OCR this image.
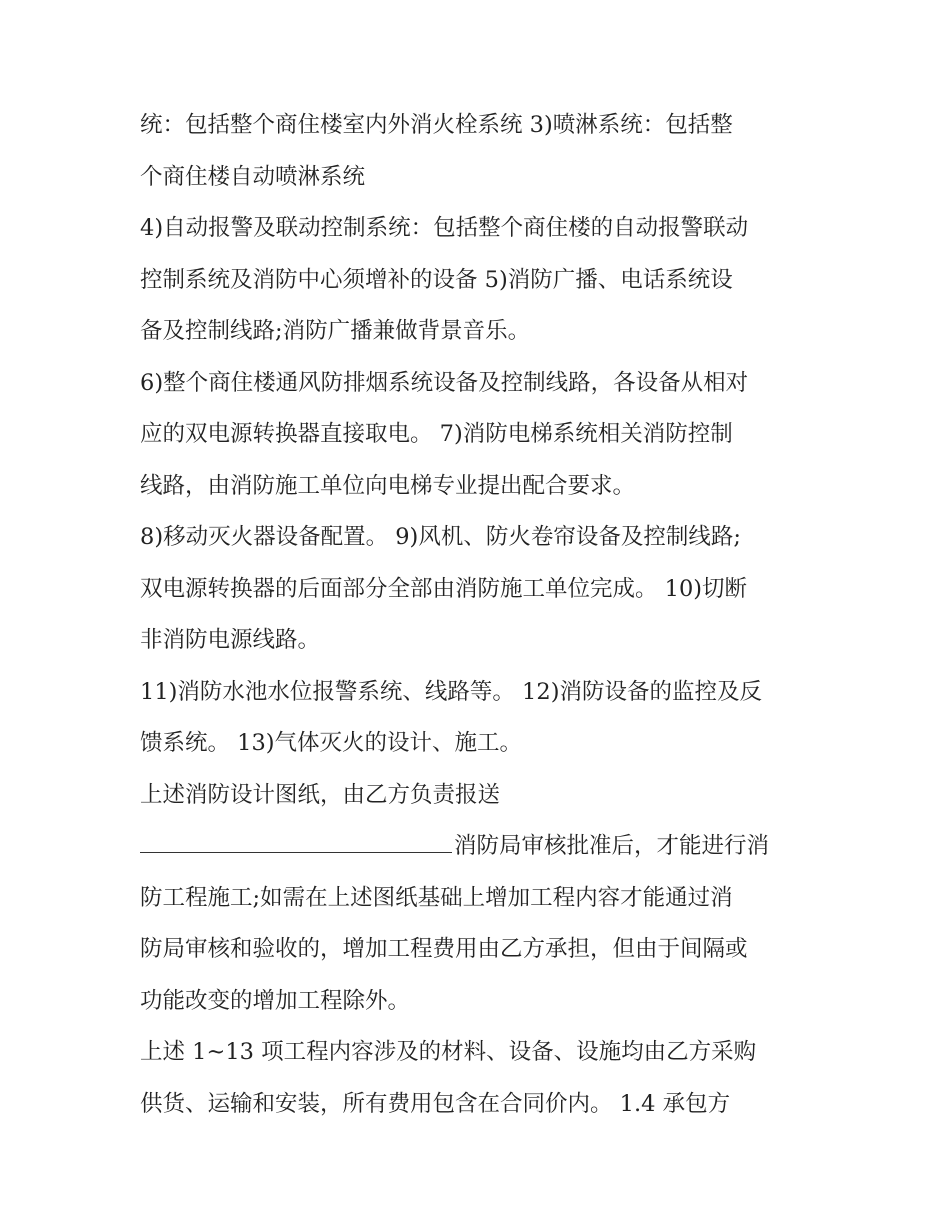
统：包括整个商住楼室内外消火栓系统 3)喷淋系统：包括整
个商住楼自动喷淋系统

4)自动报警及联动控制系统：包括整个商住楼的自动报警联动
控制系统及消防中心须增补的设备 5)消防广播、电话系统设
备及控制线路;消防广播兼做背景音乐。

6)整个商住楼通风防排烟系统设备及控制线路，各设备从相对
应的双电源转换器直接取电。 7)消防电梯系统相关消防控制
线路，由消防施工单位向电梯专业提出配合要求。

8)移动灭火器设备配置。 9)风机、防火卷帘设备及控制线路;
双电源转换器的后面部分全部由消防施工单位完成。 10)切断
非消防电源线路。

11)消防水池水位报警系统、线路等。 12)消防设备的监控及反
馈系统。 13)气体灭火的设计、施工。

上述消防设计图纸，由乙方负责报送
消防局审核批准后，才能进行消
防工程施工;如需在上述图纸基础上增加工程内容才能通过消
防局审核和验收的，增加工程费用由乙方承担，但由于间隔或
功能改变的增加工程除外。

上述 1~13 项工程内容涉及的材料、设备、设施均由乙方采购
供货、运输和安装，所有费用包含在合同价内。 1.4 承包方
